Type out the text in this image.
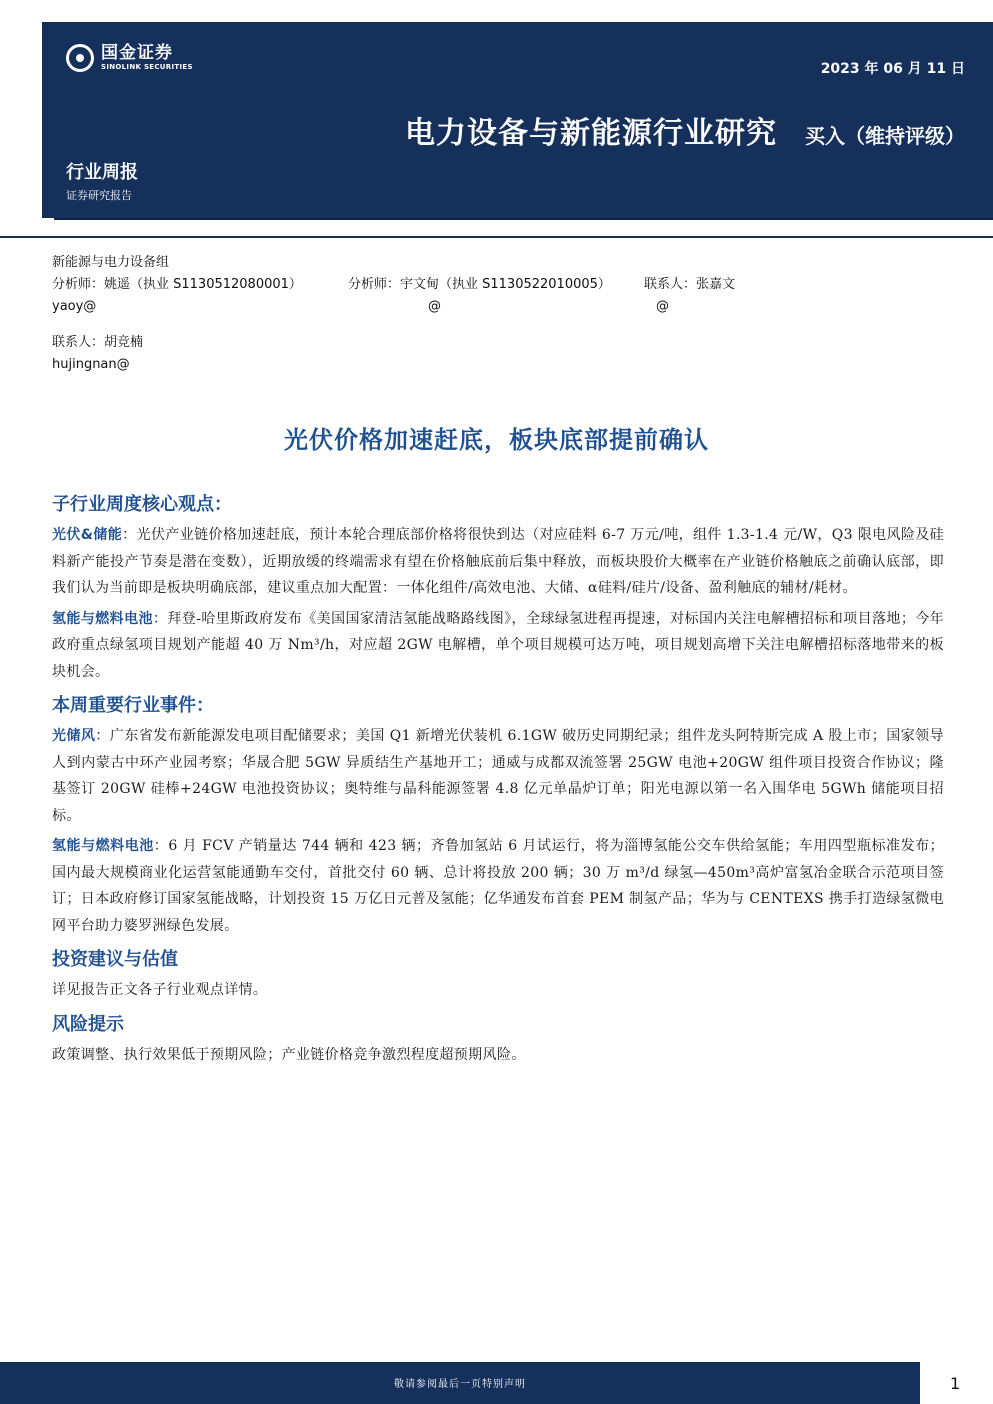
国金证券
SINOLINK SECURITIES	2023 年 06 月 11 日
电力设备与新能源行业研究 买入（维持评级）
行业周报
证券研究报告
新能源与电力设备组
分析师：姚遥（执业 S1130512080001）	分析师：宇文甸（执业 S1130522010005）	联系人：张嘉文
yaoy@	@	@
联系人：胡竞楠
hujingnan@
光伏价格加速赶底，板块底部提前确认
子行业周度核心观点：

光伏&储能：光伏产业链价格加速赶底，预计本轮合理底部价格将很快到达（对应硅料 6-7 万元/吨，组件 1.3-1.4 元/W，Q3 限电风险及硅料新产能投产节奏是潜在变数），近期放缓的终端需求有望在价格触底前后集中释放，而板块股价大概率在产业链价格触底之前确认底部，即我们认为当前即是板块明确底部，建议重点加大配置：一体化组件/高效电池、大储、α硅料/硅片/设备、盈利触底的辅材/耗材。

氢能与燃料电池：拜登-哈里斯政府发布《美国国家清洁氢能战略路线图》，全球绿氢进程再提速，对标国内关注电解槽招标和项目落地；今年政府重点绿氢项目规划产能超 40 万 Nm³/h，对应超 2GW 电解槽，单个项目规模可达万吨，项目规划高增下关注电解槽招标落地带来的板块机会。

本周重要行业事件：

光储风：广东省发布新能源发电项目配储要求；美国 Q1 新增光伏装机 6.1GW 破历史同期纪录；组件龙头阿特斯完成 A 股上市；国家领导人到内蒙古中环产业园考察；华晟合肥 5GW 异质结生产基地开工；通威与成都双流签署 25GW 电池+20GW 组件项目投资合作协议；隆基签订 20GW 硅棒+24GW 电池投资协议；奥特维与晶科能源签署 4.8 亿元单晶炉订单；阳光电源以第一名入围华电 5GWh 储能项目招标。

氢能与燃料电池：6 月 FCV 产销量达 744 辆和 423 辆；齐鲁加氢站 6 月试运行，将为淄博氢能公交车供给氢能；车用四型瓶标准发布；国内最大规模商业化运营氢能通勤车交付，首批交付 60 辆、总计将投放 200 辆；30 万 m³/d 绿氢—450m³高炉富氢冶金联合示范项目签订；日本政府修订国家氢能战略，计划投资 15 万亿日元普及氢能；亿华通发布首套 PEM 制氢产品；华为与 CENTEXS 携手打造绿氢微电网平台助力婆罗洲绿色发展。

投资建议与估值

详见报告正文各子行业观点详情。

风险提示

政策调整、执行效果低于预期风险；产业链价格竞争激烈程度超预期风险。

敬请参阅最后一页特别声明	1
